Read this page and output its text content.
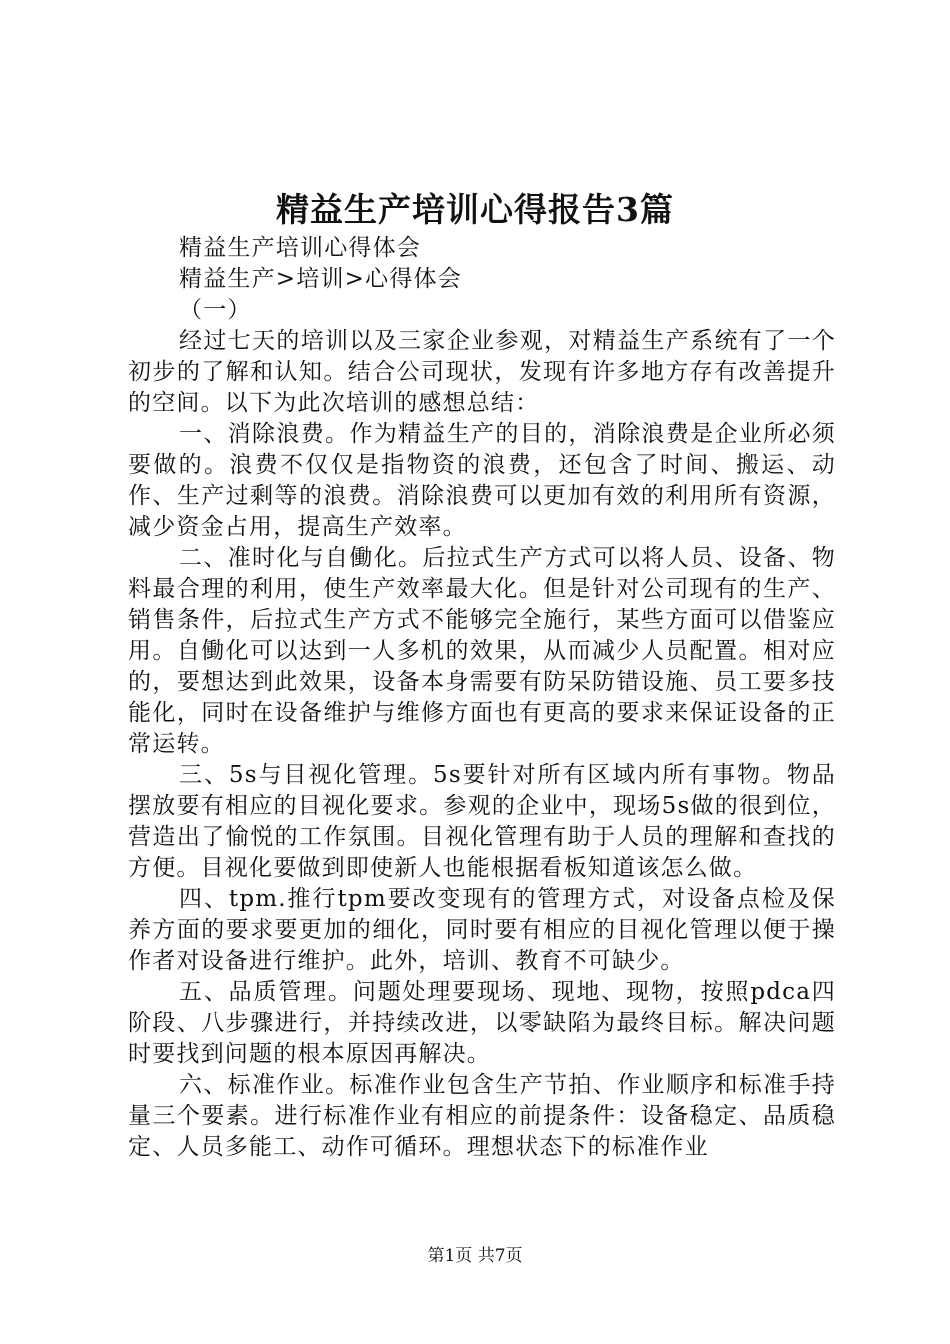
精益生产培训心得报告3篇

精益生产培训心得体会

精益生产>培训>心得体会

（一）

经过七天的培训以及三家企业参观，对精益生产系统有了一个初步的了解和认知。结合公司现状，发现有许多地方存有改善提升的空间。以下为此次培训的感想总结：

一、消除浪费。作为精益生产的目的，消除浪费是企业所必须要做的。浪费不仅仅是指物资的浪费，还包含了时间、搬运、动作、生产过剩等的浪费。消除浪费可以更加有效的利用所有资源，减少资金占用，提高生产效率。

二、准时化与自働化。后拉式生产方式可以将人员、设备、物料最合理的利用，使生产效率最大化。但是针对公司现有的生产、销售条件，后拉式生产方式不能够完全施行，某些方面可以借鉴应用。自働化可以达到一人多机的效果，从而减少人员配置。相对应的，要想达到此效果，设备本身需要有防呆防错设施、员工要多技能化，同时在设备维护与维修方面也有更高的要求来保证设备的正常运转。

三、5s与目视化管理。5s要针对所有区域内所有事物。物品摆放要有相应的目视化要求。参观的企业中，现场5s做的很到位，营造出了愉悦的工作氛围。目视化管理有助于人员的理解和查找的方便。目视化要做到即使新人也能根据看板知道该怎么做。

四、tpm.推行tpm要改变现有的管理方式，对设备点检及保养方面的要求要更加的细化，同时要有相应的目视化管理以便于操作者对设备进行维护。此外，培训、教育不可缺少。

五、品质管理。问题处理要现场、现地、现物，按照pdca四阶段、八步骤进行，并持续改进，以零缺陷为最终目标。解决问题时要找到问题的根本原因再解决。

六、标准作业。标准作业包含生产节拍、作业顺序和标准手持量三个要素。进行标准作业有相应的前提条件：设备稳定、品质稳定、人员多能工、动作可循环。理想状态下的标准作业

第1页 共7页
